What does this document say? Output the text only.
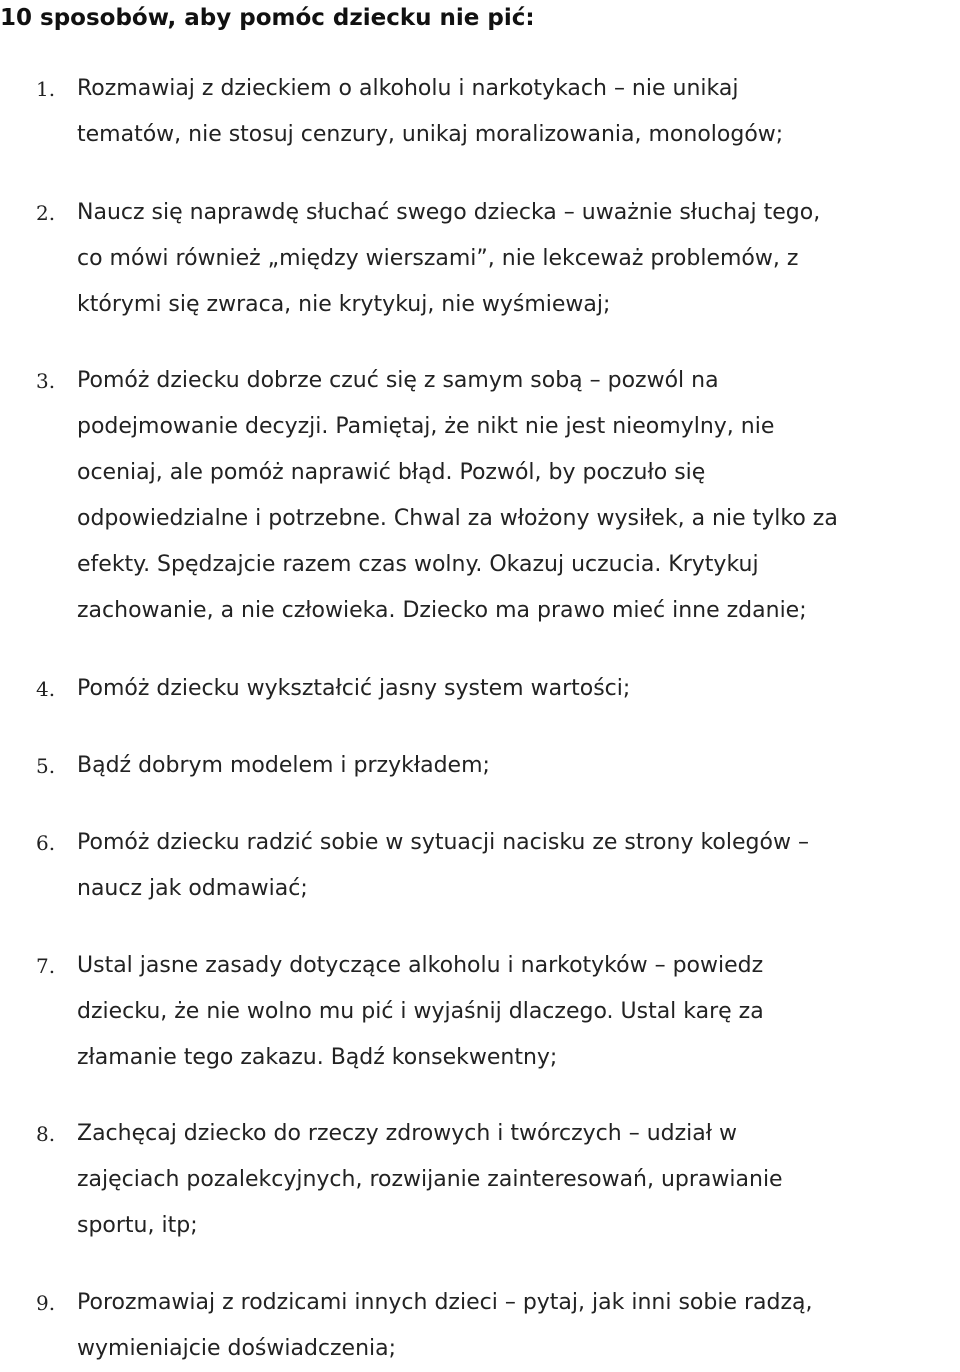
10 sposobów, aby pomóc dziecku nie pić:
1. Rozmawiaj z dzieckiem o alkoholu i narkotykach – nie unikaj
tematów, nie stosuj cenzury, unikaj moralizowania, monologów;

2. Naucz się naprawdę słuchać swego dziecka – uważnie słuchaj tego,
co mówi również „między wierszami”, nie lekceważ problemów, z
którymi się zwraca, nie krytykuj, nie wyśmiewaj;

3. Pomóż dziecku dobrze czuć się z samym sobą – pozwól na
podejmowanie decyzji. Pamiętaj, że nikt nie jest nieomylny, nie
oceniaj, ale pomóż naprawić błąd. Pozwól, by poczuło się
odpowiedzialne i potrzebne. Chwal za włożony wysiłek, a nie tylko za
efekty. Spędzajcie razem czas wolny. Okazuj uczucia. Krytykuj
zachowanie, a nie człowieka. Dziecko ma prawo mieć inne zdanie;

4. Pomóż dziecku wykształcić jasny system wartości;

5. Bądź dobrym modelem i przykładem;

6. Pomóż dziecku radzić sobie w sytuacji nacisku ze strony kolegów –
naucz jak odmawiać;

7. Ustal jasne zasady dotyczące alkoholu i narkotyków – powiedz
dziecku, że nie wolno mu pić i wyjaśnij dlaczego. Ustal karę za
złamanie tego zakazu. Bądź konsekwentny;

8. Zachęcaj dziecko do rzeczy zdrowych i twórczych – udział w
zajęciach pozalekcyjnych, rozwijanie zainteresowań, uprawianie
sportu, itp;

9. Porozmawiaj z rodzicami innych dzieci – pytaj, jak inni sobie radzą,
wymieniajcie doświadczenia;
